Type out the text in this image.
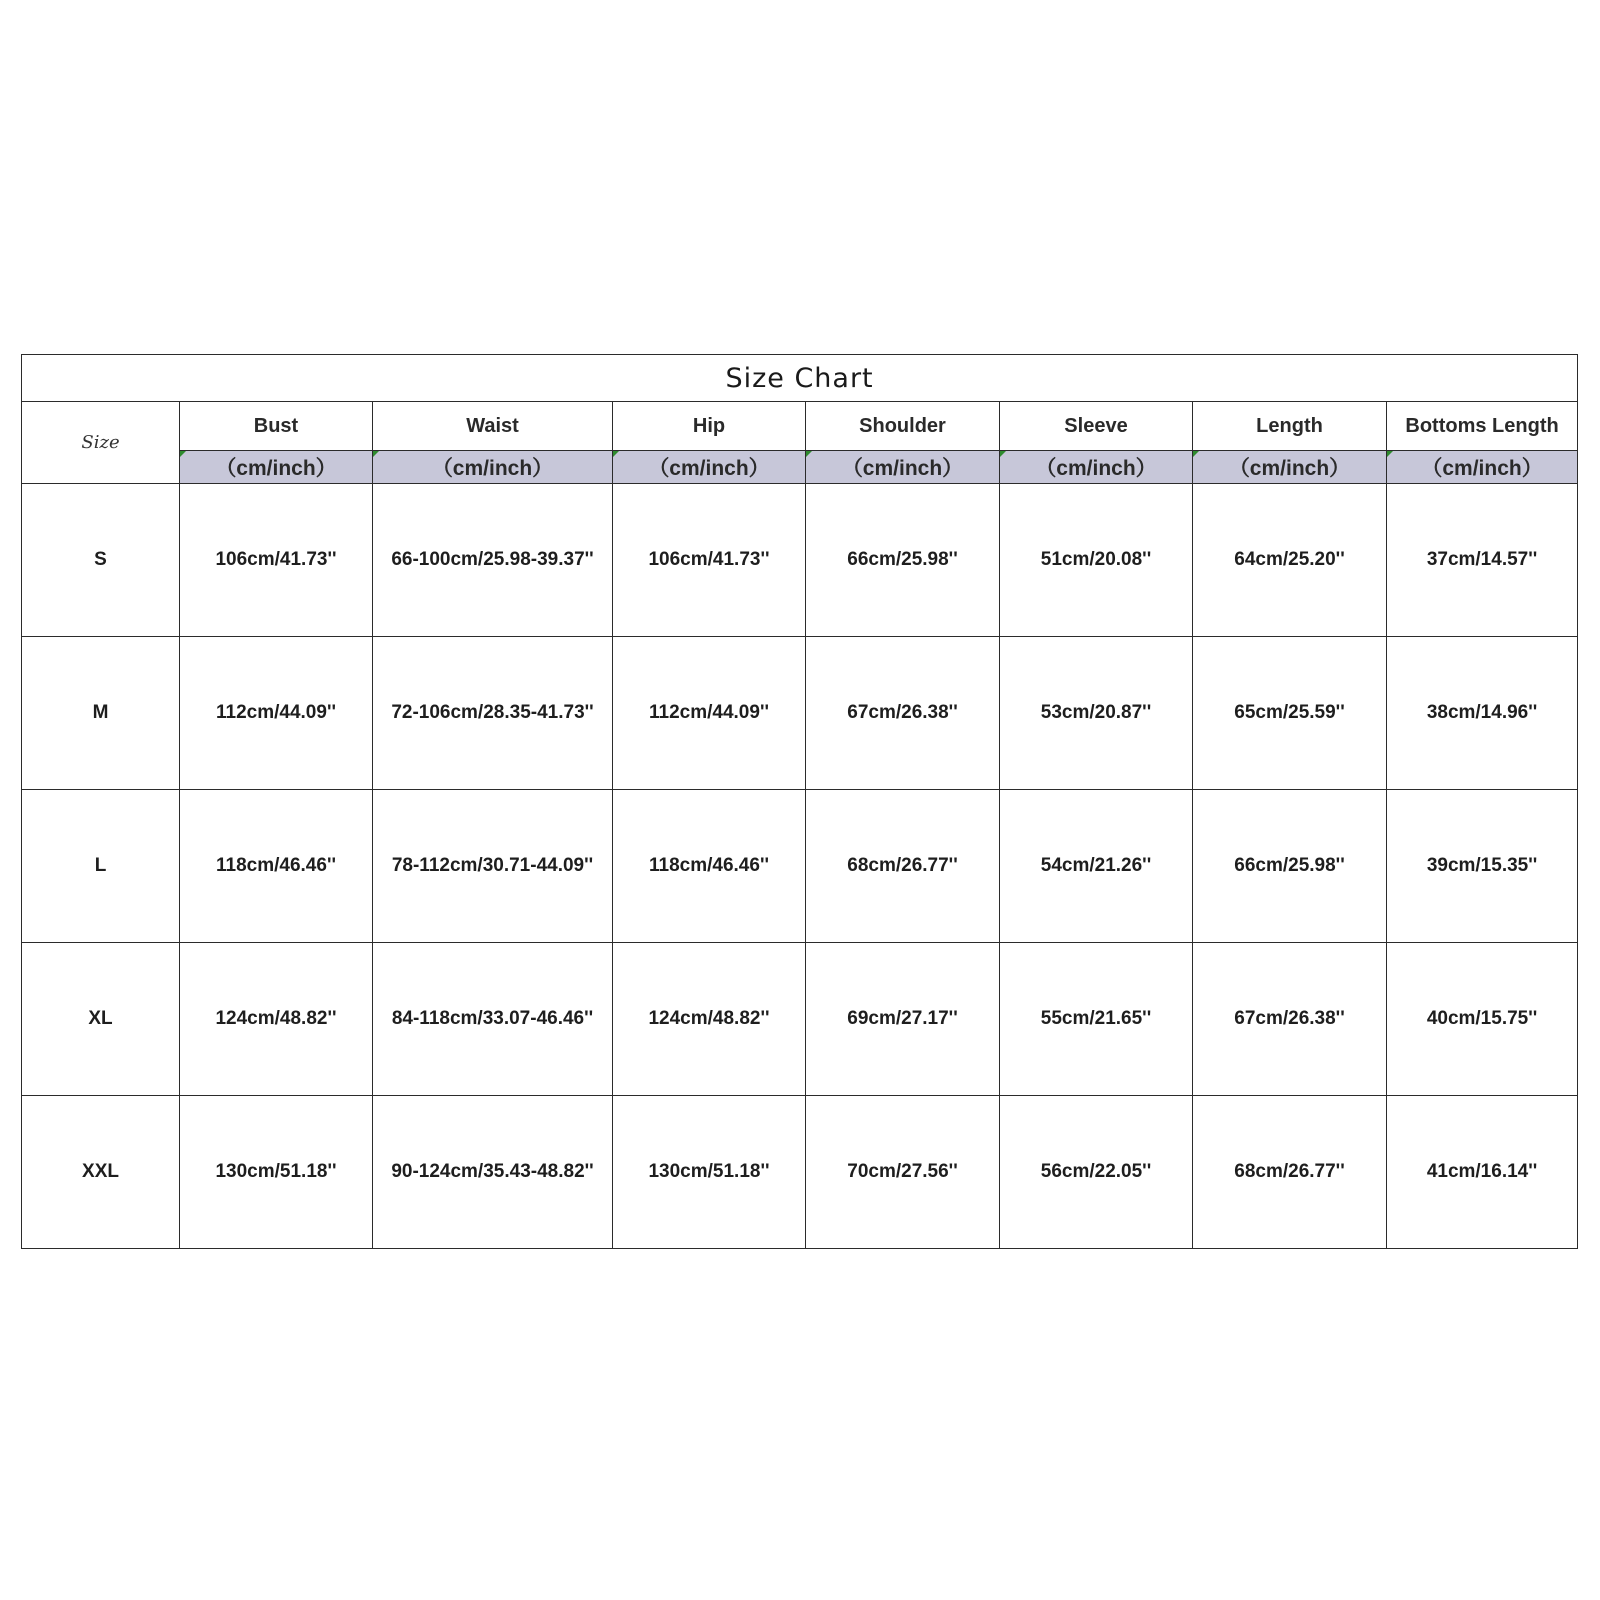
Size Chart							
Size	Bust	Waist	Hip	Shoulder	Sleeve	Length	Bottoms Length
	（cm/inch）	（cm/inch）	（cm/inch）	（cm/inch）	（cm/inch）	（cm/inch）	（cm/inch）
S	106cm/41.73''	66-100cm/25.98-39.37''	106cm/41.73''	66cm/25.98''	51cm/20.08''	64cm/25.20''	37cm/14.57''
M	112cm/44.09''	72-106cm/28.35-41.73''	112cm/44.09''	67cm/26.38''	53cm/20.87''	65cm/25.59''	38cm/14.96''
L	118cm/46.46''	78-112cm/30.71-44.09''	118cm/46.46''	68cm/26.77''	54cm/21.26''	66cm/25.98''	39cm/15.35''
XL	124cm/48.82''	84-118cm/33.07-46.46''	124cm/48.82''	69cm/27.17''	55cm/21.65''	67cm/26.38''	40cm/15.75''
XXL	130cm/51.18''	90-124cm/35.43-48.82''	130cm/51.18''	70cm/27.56''	56cm/22.05''	68cm/26.77''	41cm/16.14''
